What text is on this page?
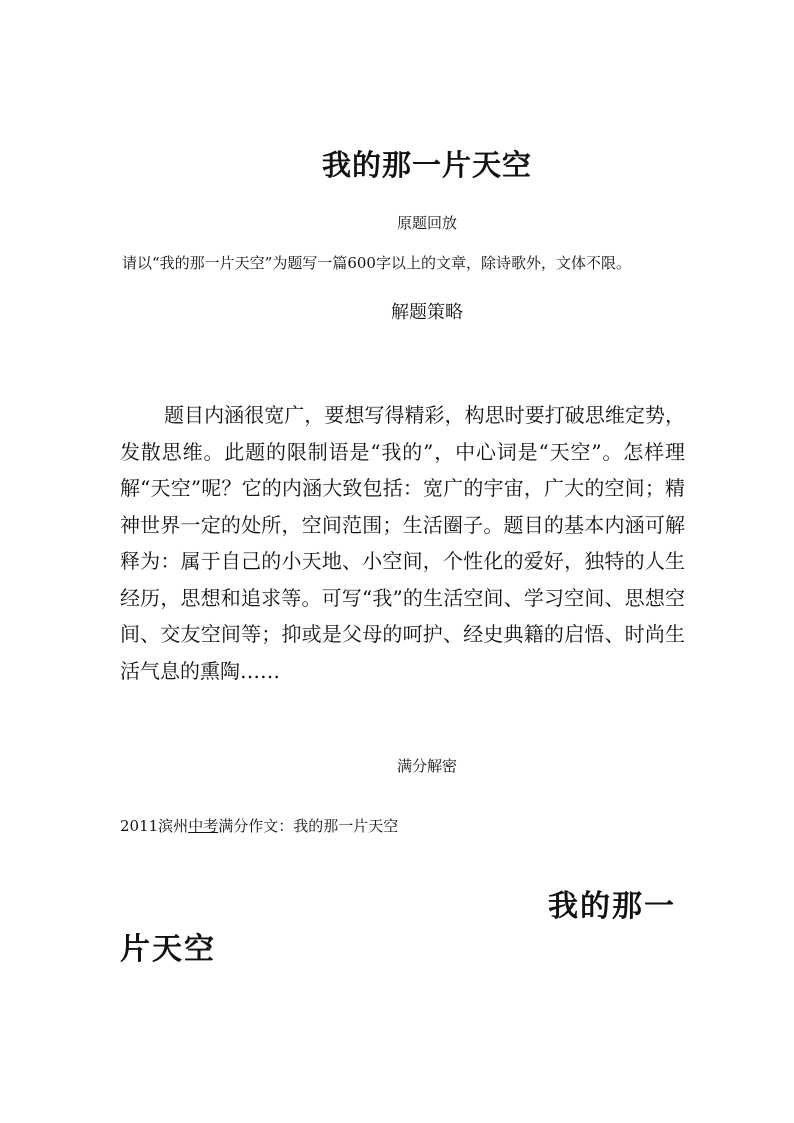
我的那一片天空
原题回放
请以“我的那一片天空”为题写一篇600字以上的文章，除诗歌外，文体不限。
解题策略
题目内涵很宽广，要想写得精彩，构思时要打破思维定势，发散思维。此题的限制语是“我的”，中心词是“天空”。怎样理解“天空”呢？它的内涵大致包括：宽广的宇宙，广大的空间；精神世界一定的处所，空间范围；生活圈子。题目的基本内涵可解释为：属于自己的小天地、小空间，个性化的爱好，独特的人生经历，思想和追求等。可写“我”的生活空间、学习空间、思想空间、交友空间等；抑或是父母的呵护、经史典籍的启悟、时尚生活气息的熏陶……
满分解密
2011滨州中考满分作文：我的那一片天空
我的那一
片天空
